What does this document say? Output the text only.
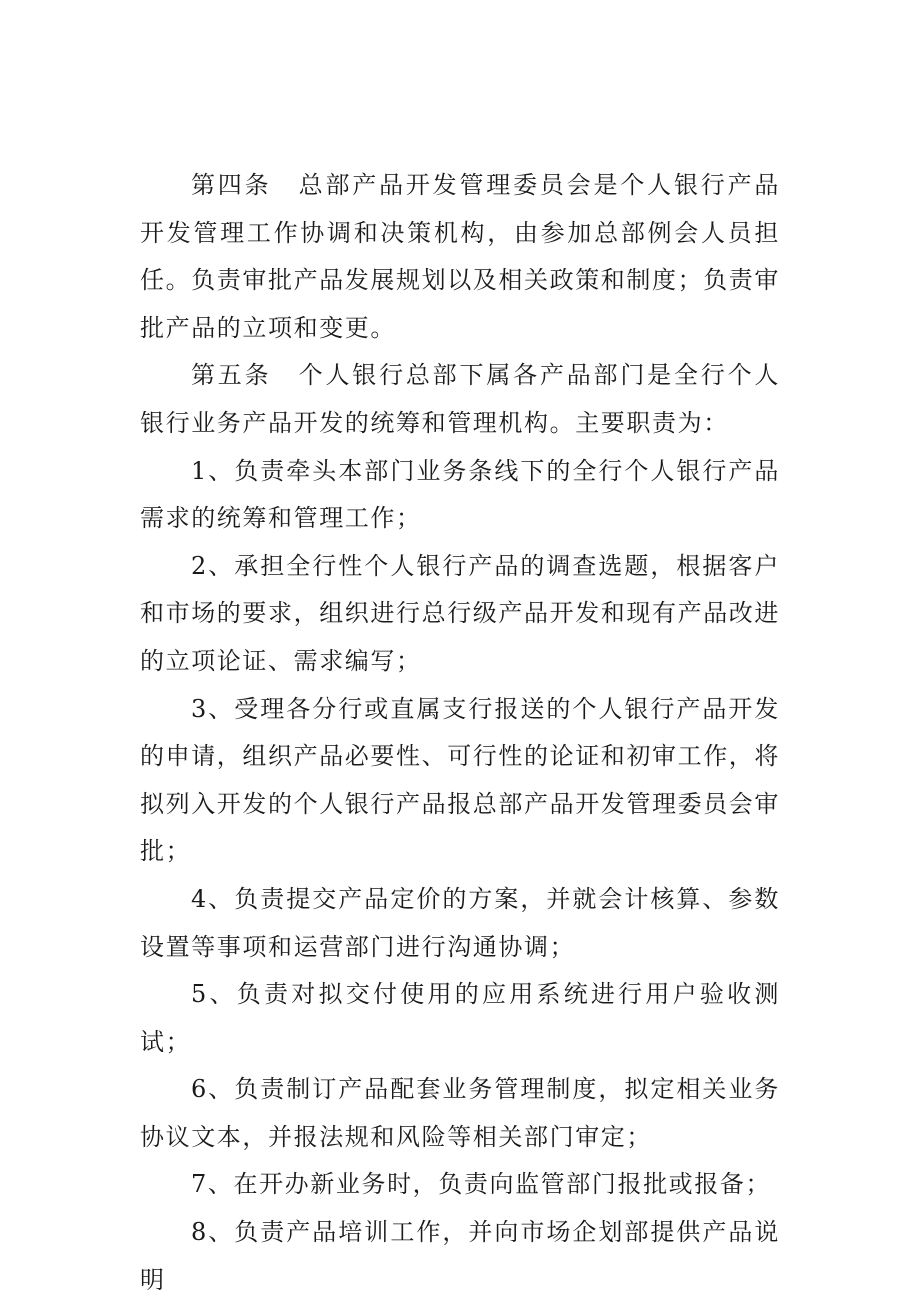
第四条 总部产品开发管理委员会是个人银行产品开发管理工作协调和决策机构，由参加总部例会人员担任。负责审批产品发展规划以及相关政策和制度；负责审批产品的立项和变更。

第五条 个人银行总部下属各产品部门是全行个人银行业务产品开发的统筹和管理机构。主要职责为：

1、负责牵头本部门业务条线下的全行个人银行产品需求的统筹和管理工作；

2、承担全行性个人银行产品的调查选题，根据客户和市场的要求，组织进行总行级产品开发和现有产品改进的立项论证、需求编写；

3、受理各分行或直属支行报送的个人银行产品开发的申请，组织产品必要性、可行性的论证和初审工作，将拟列入开发的个人银行产品报总部产品开发管理委员会审批；

4、负责提交产品定价的方案，并就会计核算、参数设置等事项和运营部门进行沟通协调；

5、负责对拟交付使用的应用系统进行用户验收测试；

6、负责制订产品配套业务管理制度，拟定相关业务协议文本，并报法规和风险等相关部门审定；

7、在开办新业务时，负责向监管部门报批或报备；

8、负责产品培训工作，并向市场企划部提供产品说明
